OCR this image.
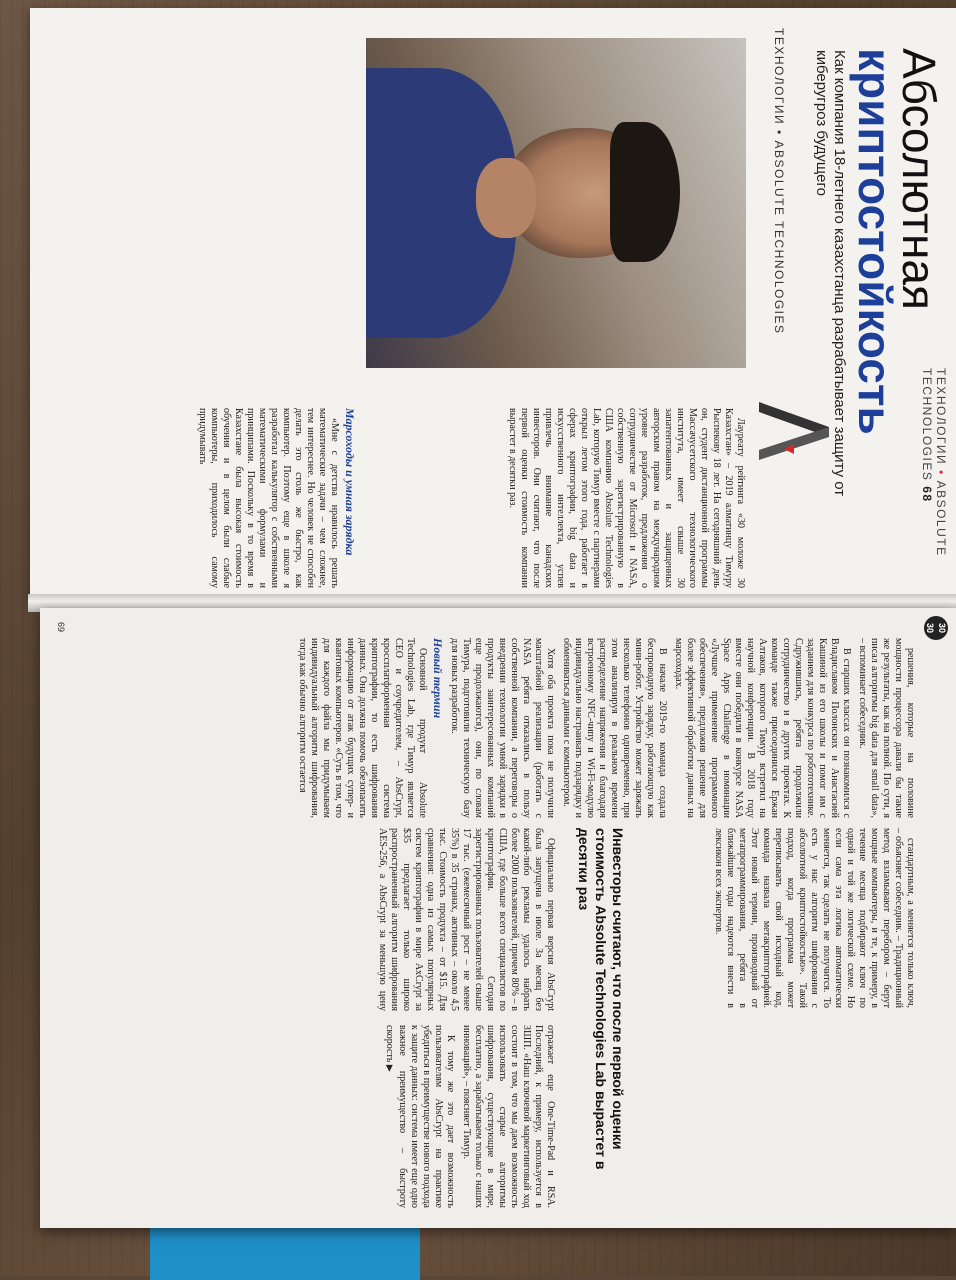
ТЕХНОЛОГИИ • ABSOLUTE TECHNOLOGIES 68
Абсолютная
криптостойкость
Как компания 18-летнего казахстанца разрабатывает защиту от киберугроз будущего
ТЕХНОЛОГИИ • ABSOLUTE TECHNOLOGIES

Лауреату рейтинга «30 моложе 30 Казахстан» – 2019 алматинцу Тимуру Рыспекову 18 лет. На сегодняшний день он, студент дистанционной программы Массачусетского технологического института, имеет свыше 30 запатентованных и защищенных авторским правом на международном уровне разработок, предложения о сотрудничестве от Microsoft и NASA, собственную зарегистрированную в США компанию Absolute Technologies Lab, которую Тимур вместе с партнерами открыл летом этого года, работает в сферах криптографии, big data и искусственного интеллекта, успев привлечь внимание канадских инвесторов. Они считают, что после первой оценки стоимость компании вырастет в десятки раз.

Марсоходы и умная зарядка

«Мне с детства нравилось решать математические задачи – чем сложнее, тем интереснее. Но человек не способен делать это столь же быстро, как компьютер. Поэтому еще в школе я разработал калькулятор с собственными математическими формулами и принципами. Поскольку в то время в Казахстане была высокая стоимость обучения и в целом были слабые компьютеры, приходилось самому придумывать

30
30
69

решения, которые на половине мощности процессора давали бы такие же результаты, как на полной. По сути, я писал алгоритмы big data для small data», – вспоминает собеседник.

В старших классах он познакомился с Владиславом Полонских и Анастасией Кашиной из его школы и помог им с заданием для конкурса по робототехнике. Сдружившись, ребята продолжили сотрудничество и в других проектах. К команде также присоединился Ержан Алтаков, которого Тимур встретил на научной конференции. В 2018 году вместе они победили в конкурсе NASA Space Apps Challenge в номинации «Лучшее применение программного обеспечения», предложив решение для более эффективной обработки данных на марсоходах.

В начале 2019-го команда создала беспроводную зарядку, работающую как мини-робот. Устройство может заряжать несколько телефонов одновременно, при этом анализируя в реальном времени распределение напряжения и благодаря встроенному NFC-чипу и Wi-Fi-модулю индивидуально настраивать подзарядку и обмениваться данными с компьютером.

Хотя оба проекта пока не получили масштабной реализации (работать с NASA ребята отказались в пользу собственной компании, а переговоры о внедрении технологии умной зарядки в продукты заинтересованных компаний еще продолжаются), они, по словам Тимура, подготовили техническую базу для новых разработок.

Новый термин

Основной продукт Absolute Technologies Lab, где Тимур является CEO и соучредителем, – AbsCrypt, кроссплатформенная система криптографии, то есть шифрования данных. Она должна помочь обезопасить информацию от атак будущих супер- и квантовых компьютеров. «Суть в том, что для каждого файла мы придумываем индивидуальный алгоритм шифрования, тогда как обычно алгоритм остается

стандартным, а меняется только ключ, – объясняет собеседник. – Традиционный метод взламывают перебором – берут мощные компьютеры, и те, к примеру, в течение месяца подбирают ключ по одной и той же логической схеме. Но если сама эта логика автоматически меняется, так сделать не получится. То есть у нас алгоритм шифрования с абсолютной криптостойкостью». Такой подход, когда программа может переписывать свой исходный код, команда назвала метакриптографией. Этот новый термин, производный от метапрограммирования, ребята в ближайшие годы надеются внести в лексикон всех экспертов.

Инвесторы считают, что после первой оценки стоимость Absolute Technologies Lab вырастет в десятки раз

Официально первая версия AbsCrypt была запущена в июле. За месяц без какой-либо рекламы удалось набрать более 2000 пользователей, причем 80% – в США, где больше всего специалистов по криптографии. Сегодня зарегистрированных пользователей свыше 17 тыс. (ежемесячный рост – не менее 35%) в 35 странах, активных – около 4,5 тыс. Стоимость продукта – от $15. Для сравнения: одна из самых популярных систем криптографии в мире AxCrypt за $35 предлагает только широко распространенный алгоритм шифрования AES-256, а AbsCrypt за меньшую цену отражает еще One-Time-Pad и RSA. Последний, к примеру, используется в ЗШП. «Наш ключевой маркетинговый ход состоит в том, что мы даем возможность использовать старые алгоритмы шифрования, существующие в мире, бесплатно, а зарабатываем только с наших инноваций», – поясняет Тимур.

К тому же это дает возможность пользователям AbsCrypt на практике убедиться в преимуществе нового подхода к защите данных: система имеет еще одно важное преимущество – быстроту скорость ▶
